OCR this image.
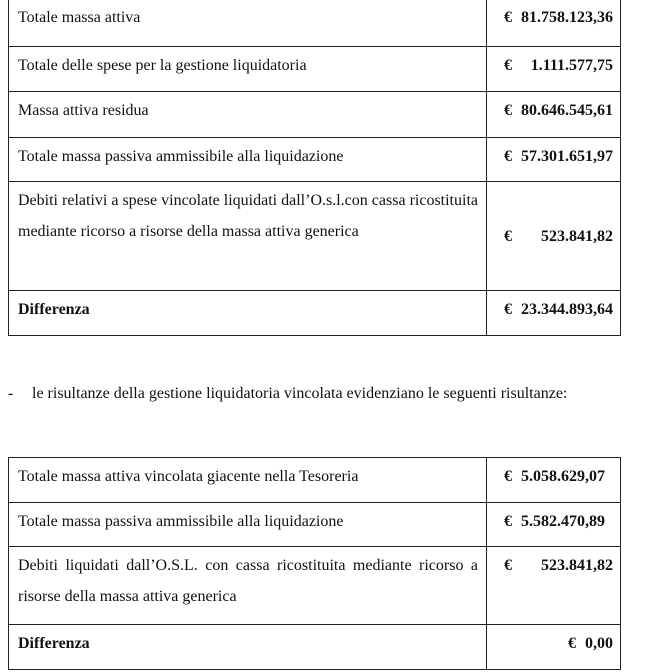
Totale massa attiva	€ 81.758.123,36

Totale delle spese per la gestione liquidatoria	€ 1.111.577,75

Massa attiva residua	€ 80.646.545,61

Totale massa passiva ammissibile alla liquidazione	€ 57.301.651,97

Debiti relativi a spese vincolate liquidati dall’O.s.l.con cassa ricostituita mediante ricorso a risorse della massa attiva generica	€ 523.841,82

Differenza	€ 23.344.893,64
- le risultanze della gestione liquidatoria vincolata evidenziano le seguenti risultanze:
Totale massa attiva vincolata giacente nella Tesoreria	€ 5.058.629,07

Totale massa passiva ammissibile alla liquidazione	€ 5.582.470,89

Debiti liquidati dall’O.S.L. con cassa ricostituita mediante ricorso a risorse della massa attiva generica	€ 523.841,82

Differenza	€ 0,00
